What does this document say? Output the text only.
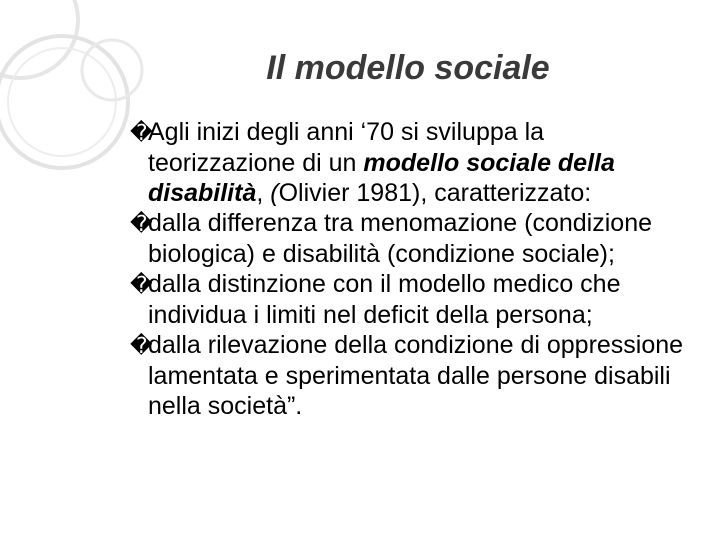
Il modello sociale

�Agli inizi degli anni ‘70 si sviluppa la teorizzazione di un modello sociale della disabilità, (Olivier 1981), caratterizzato:

�dalla differenza tra menomazione (condizione biologica) e disabilità (condizione sociale);

�dalla distinzione con il modello medico che individua i limiti nel deficit della persona;

�dalla rilevazione della condizione di oppressione lamentata e sperimentata dalle persone disabili nella società”.
